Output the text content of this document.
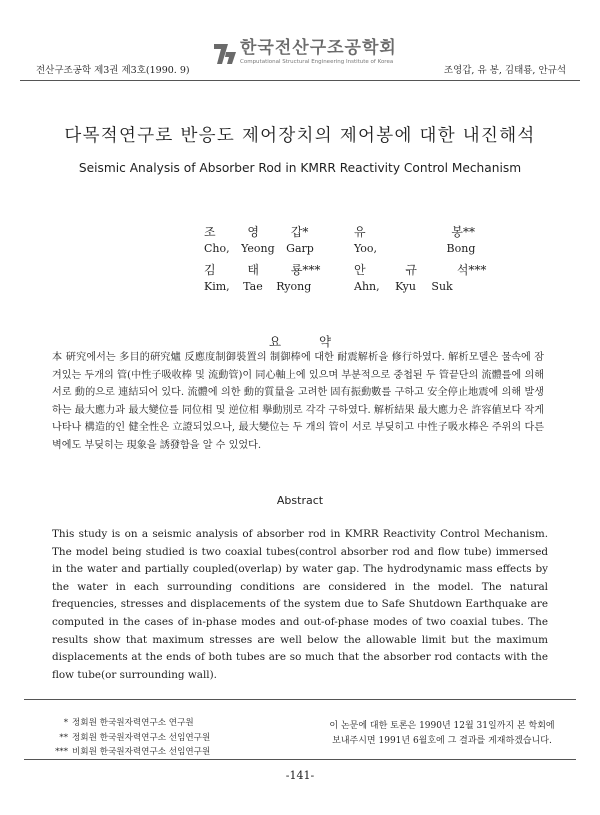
전산구조공학 제3권 제3호(1990. 9)
한국전산구조공학회
Computational Structural Engineering Institute of Korea
조영갑, 유 봉, 김태룡, 안규석
다목적연구로 반응도 제어장치의 제어봉에 대한 내진해석
Seismic Analysis of Absorber Rod in KMRR Reactivity Control Mechanism
조 영 갑*
Cho, Yeong Garp
유 봉**
Yoo, Bong
김 태 룡***
Kim, Tae Ryong
안 규 석***
Ahn, Kyu Suk
요 약
本 硏究에서는 多目的硏究爐 反應度制御裝置의 制御棒에 대한 耐震解析을 修行하였다. 解析모델은 물속에 잠겨있는 두개의 管(中性子吸收棒 및 流動管)이 同心軸上에 있으며 부분적으로 중첩된 두 管끝단의 流體를에 의해 서로 動的으로 連結되어 있다. 流體에 의한 動的質量을 고려한 固有振動數를 구하고 安全停止地震에 의해 발생하는 最大應力과 最大變位를 同位相 및 逆位相 擧動別로 각각 구하였다. 解析結果 最大應力은 許容値보다 작게 나타나 構造的인 健全性은 立證되었으나, 最大變位는 두 개의 管이 서로 부딪히고 中性子吸水棒은 주위의 다른 벽에도 부딪히는 現象을 誘發함을 알 수 있었다.
Abstract
This study is on a seismic analysis of absorber rod in KMRR Reactivity Control Mechanism. The model being studied is two coaxial tubes(control absorber rod and flow tube) immersed in the water and partially coupled(overlap) by water gap. The hydrodynamic mass effects by the water in each surrounding conditions are considered in the model. The natural frequencies, stresses and displacements of the system due to Safe Shutdown Earthquake are computed in the cases of in-phase modes and out-of-phase modes of two coaxial tubes. The results show that maximum stresses are well below the allowable limit but the maximum displacements at the ends of both tubes are so much that the absorber rod contacts with the flow tube(or surrounding wall).
* 정회원 한국원자력연구소 연구원
** 정회원 한국원자력연구소 선임연구원
*** 비회원 한국원자력연구소 선임연구원
이 논문에 대한 토론은 1990년 12월 31일까지 본 학회에
보내주시면 1991년 6월호에 그 결과를 게재하겠습니다.
-141-
